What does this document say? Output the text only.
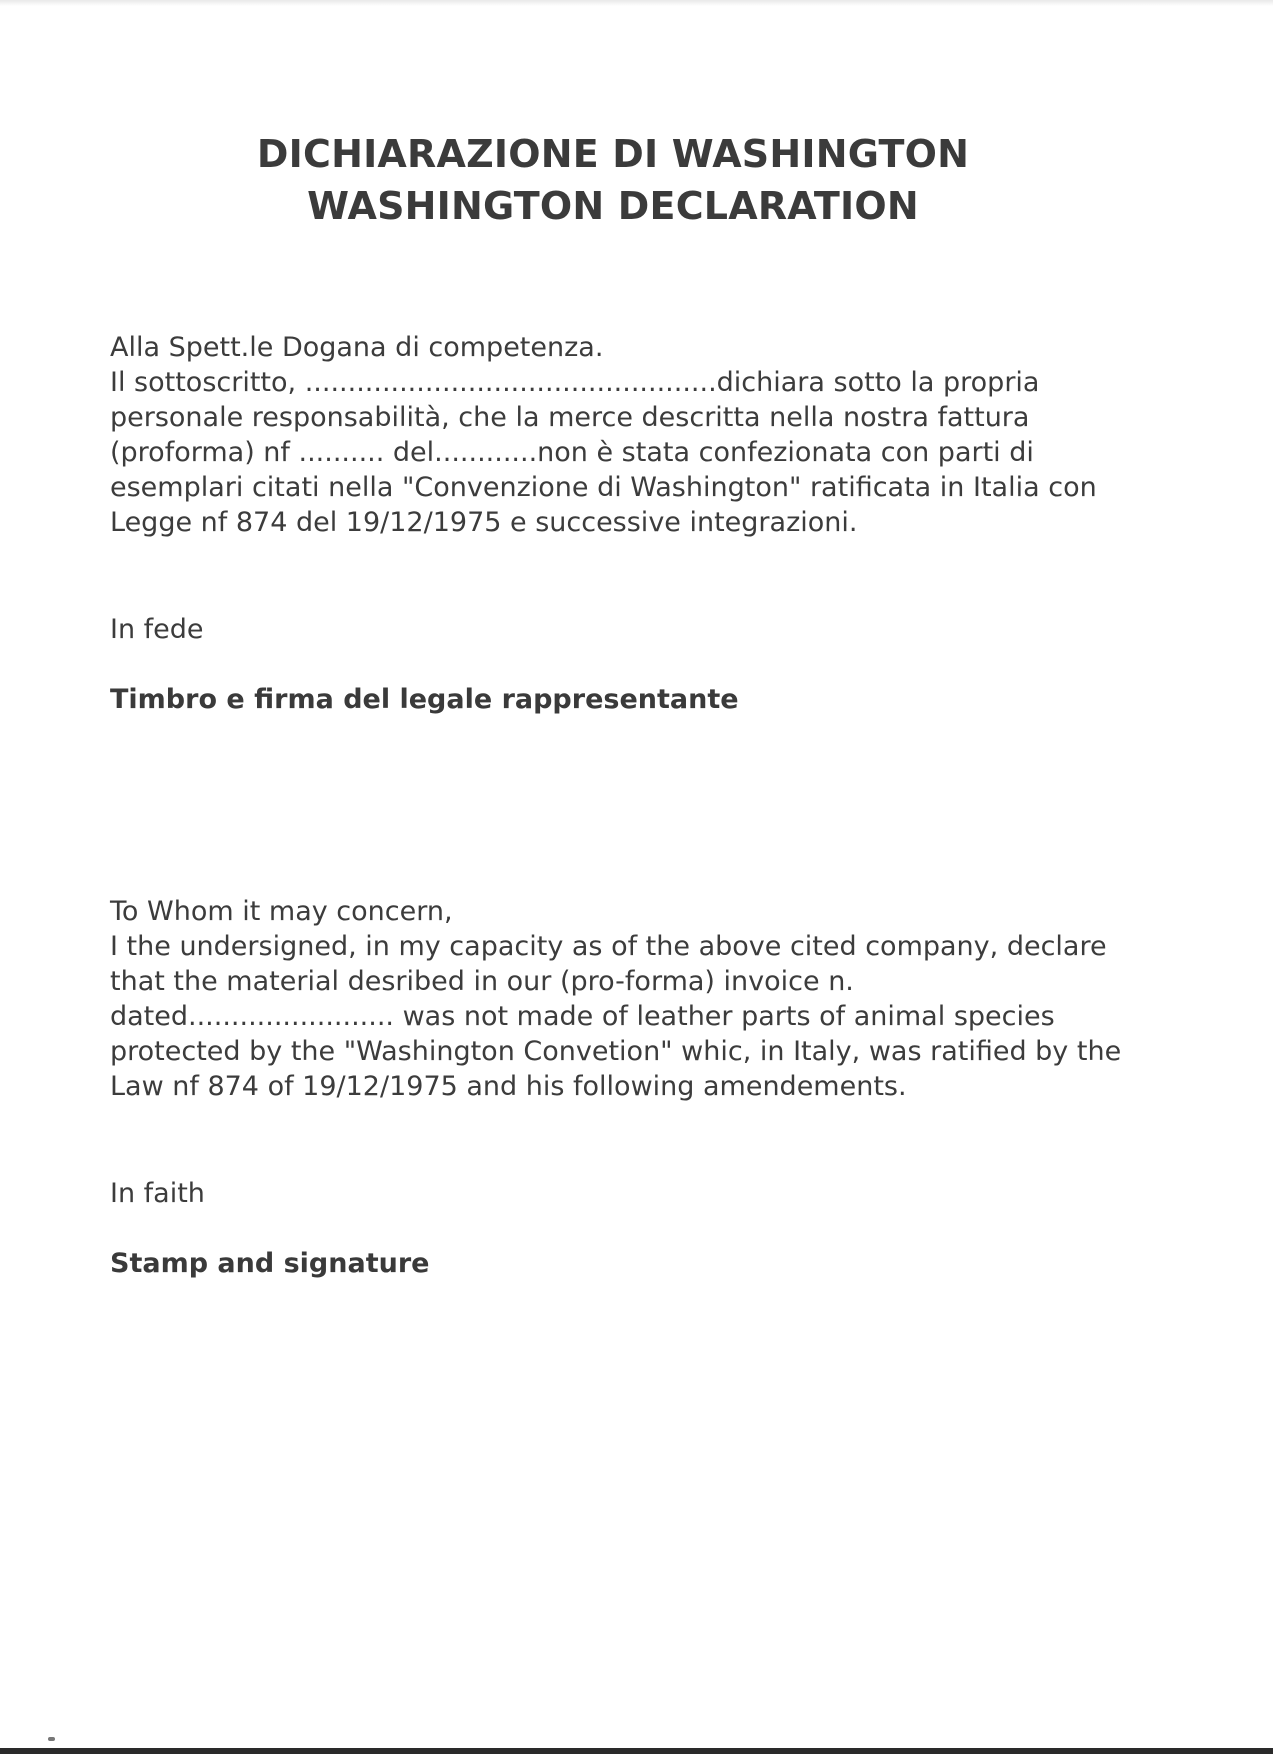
DICHIARAZIONE DI WASHINGTON
WASHINGTON DECLARATION
Alla Spett.le Dogana di competenza.
Il sottoscritto, ................................................dichiara sotto la propria
personale responsabilità, che la merce descritta nella nostra fattura
(proforma) nf .......... del............non è stata confezionata con parti di
esemplari citati nella "Convenzione di Washington" ratificata in Italia con
Legge nf 874 del 19/12/1975 e successive integrazioni.
In fede
Timbro e firma del legale rappresentante
To Whom it may concern,
I the undersigned, in my capacity as of the above cited company, declare
that the material desribed in our (pro-forma) invoice n.
dated........................ was not made of leather parts of animal species
protected by the "Washington Convetion" whic, in Italy, was ratified by the
Law nf 874 of 19/12/1975 and his following amendements.
In faith
Stamp and signature
